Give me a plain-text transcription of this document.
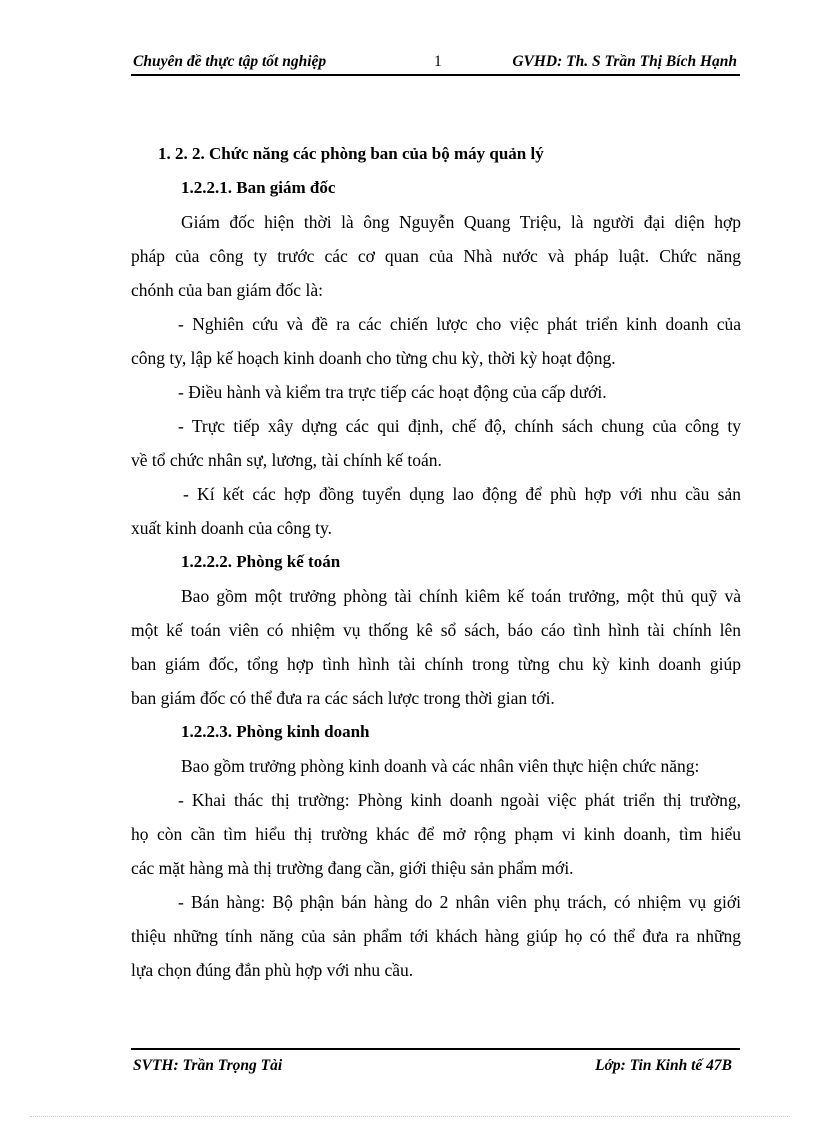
Chuyên đề thực tập tốt nghiệp	1	GVHD: Th. S Trần Thị Bích Hạnh
1. 2. 2. Chức năng các phòng ban của bộ máy quản lý
1.2.2.1. Ban giám đốc
Giám đốc hiện thời là ông Nguyễn Quang Triệu, là người đại diện hợp
pháp của công ty trước các cơ quan của Nhà nước và pháp luật. Chức năng
chónh của ban giám đốc là:
- Nghiên cứu và đề ra các chiến lược cho việc phát triển kinh doanh của
công ty, lập kế hoạch kinh doanh cho từng chu kỳ, thời kỳ hoạt động.
- Điều hành và kiểm tra trực tiếp các hoạt động của cấp dưới.
- Trực tiếp xây dựng các qui định, chế độ, chính sách chung của công ty
về tổ chức nhân sự, lương, tài chính kế toán.
- Kí kết các hợp đồng tuyển dụng lao động để phù hợp với nhu cầu sản
xuất kinh doanh của công ty.
1.2.2.2. Phòng kế toán
Bao gồm một trưởng phòng tài chính kiêm kế toán trưởng, một thủ quỹ và
một kế toán viên có nhiệm vụ thống kê sổ sách, báo cáo tình hình tài chính lên
ban giám đốc, tổng hợp tình hình tài chính trong từng chu kỳ kinh doanh giúp
ban giám đốc có thể đưa ra các sách lược trong thời gian tới.
1.2.2.3. Phòng kinh doanh
Bao gồm trưởng phòng kinh doanh và các nhân viên thực hiện chức năng:
- Khai thác thị trường: Phòng kinh doanh ngoài việc phát triển thị trường,
họ còn cần tìm hiểu thị trường khác để mở rộng phạm vi kinh doanh, tìm hiểu
các mặt hàng mà thị trường đang cần, giới thiệu sản phẩm mới.
- Bán hàng: Bộ phận bán hàng do 2 nhân viên phụ trách, có nhiệm vụ giới
thiệu những tính năng của sản phẩm tới khách hàng giúp họ có thể đưa ra những
lựa chọn đúng đắn phù hợp với nhu cầu.
SVTH: Trần Trọng Tài	Lớp: Tin Kinh tế 47B
